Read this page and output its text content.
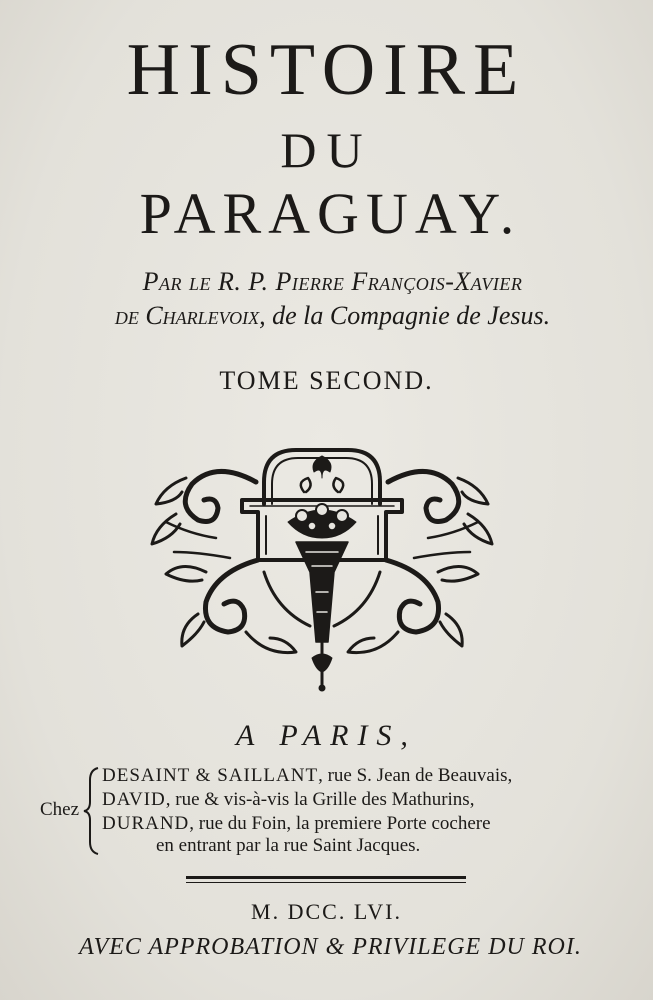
HISTOIRE
DU
PARAGUAY.
Par le R. P. Pierre François-Xavier
de Charlevoix, de la Compagnie de Jesus.
TOME SECOND.
A PARIS,
Chez
DESAINT & SAILLANT, rue S. Jean de Beauvais,
DAVID, rue & vis-à-vis la Grille des Mathurins,
DURAND, rue du Foin, la premiere Porte cochere
en entrant par la rue Saint Jacques.
M. DCC. LVI.
AVEC APPROBATION & PRIVILEGE DU ROI.
